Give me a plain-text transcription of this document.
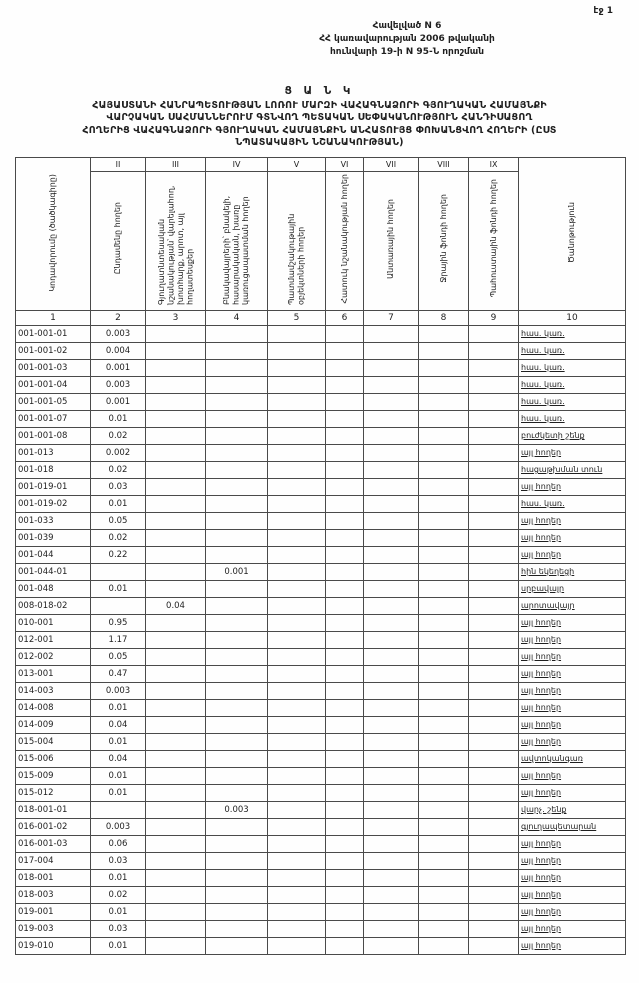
էջ 1
Հավելված N 6
ՀՀ կառավարության 2006 թվականի
հունվարի 19-ի N 95-Ն որոշման
Ց Ա Ն Կ
ՀԱՅԱՍՏԱՆԻ ՀԱՆՐԱՊԵՏՈՒԹՅԱՆ ԼՈՌՈՒ ՄԱՐԶԻ ՎԱՀԱԳՆԱՁՈՐԻ ԳՅՈՒՂԱԿԱՆ ՀԱՄԱՅՆՔԻ
ՎԱՐՉԱԿԱՆ ՍԱՀՄԱՆՆԵՐՈՒՄ ԳՏՆՎՈՂ ՊԵՏԱԿԱՆ ՍԵՓԱԿԱՆՈՒԹՅՈՒՆ ՀԱՆԴԻՍԱՑՈՂ
ՀՈՂԵՐԻՑ ՎԱՀԱԳՆԱՁՈՐԻ ԳՅՈՒՂԱԿԱՆ ՀԱՄԱՅՆՔԻՆ ԱՆՀԱՏՈՒՅՑ ՓՈԽԱՆՑՎՈՂ ՀՈՂԵՐԻ (ԸՍՏ
ՆՊԱՏԱԿԱՅԻՆ ՆՇԱՆԱԿՈՒԹՅԱՆ)
Կոդավորումը (ծածկագիրը)	II	III	IV	V	VI	VII	VIII	IX	Ծանոթություն
	Ընդամենը հողեր	Գյուղատնտեսական նշանակության՝ վարելահող, խոտհարք, արոտ, այլ հողատեսքեր	Բնակավայրերի՝ բնակելի, հասարակական, խառը կառուցապատման հողեր	Պատմամշակութային օբյեկտների հողեր	Հատուկ նշանակության հողեր	Անտառային հողեր	Ջրային ֆոնդի հողեր	Պահուստային ֆոնդի հողեր	
1	2	3	4	5	6	7	8	9	10
001-001-01	0.003								հաս. կառ.
001-001-02	0.004								հաս. կառ.
001-001-03	0.001								հաս. կառ.
001-001-04	0.003								հաս. կառ.
001-001-05	0.001								հաս. կառ.
001-001-07	0.01								հաս. կառ.
001-001-08	0.02								բուժկետի շենք
001-013	0.002								այլ հողեր
001-018	0.02								հացաթխման տուն
001-019-01	0.03								այլ հողեր
001-019-02	0.01								հաս. կառ.
001-033	0.05								այլ հողեր
001-039	0.02								այլ հողեր
001-044	0.22								այլ հողեր
001-044-01			0.001						հին եկեղեցի
001-048	0.01								սրբավայր
008-018-02		0.04							արոտավայր
010-001	0.95								այլ հողեր
012-001	1.17								այլ հողեր
012-002	0.05								այլ հողեր
013-001	0.47								այլ հողեր
014-003	0.003								այլ հողեր
014-008	0.01								այլ հողեր
014-009	0.04								այլ հողեր
015-004	0.01								այլ հողեր
015-006	0.04								ավտոկանգառ
015-009	0.01								այլ հողեր
015-012	0.01								այլ հողեր
018-001-01			0.003						վարչ. շենք
016-001-02	0.003								գյուղապետարան
016-001-03	0.06								այլ հողեր
017-004	0.03								այլ հողեր
018-001	0.01								այլ հողեր
018-003	0.02								այլ հողեր
019-001	0.01								այլ հողեր
019-003	0.03								այլ հողեր
019-010	0.01								այլ հողեր
